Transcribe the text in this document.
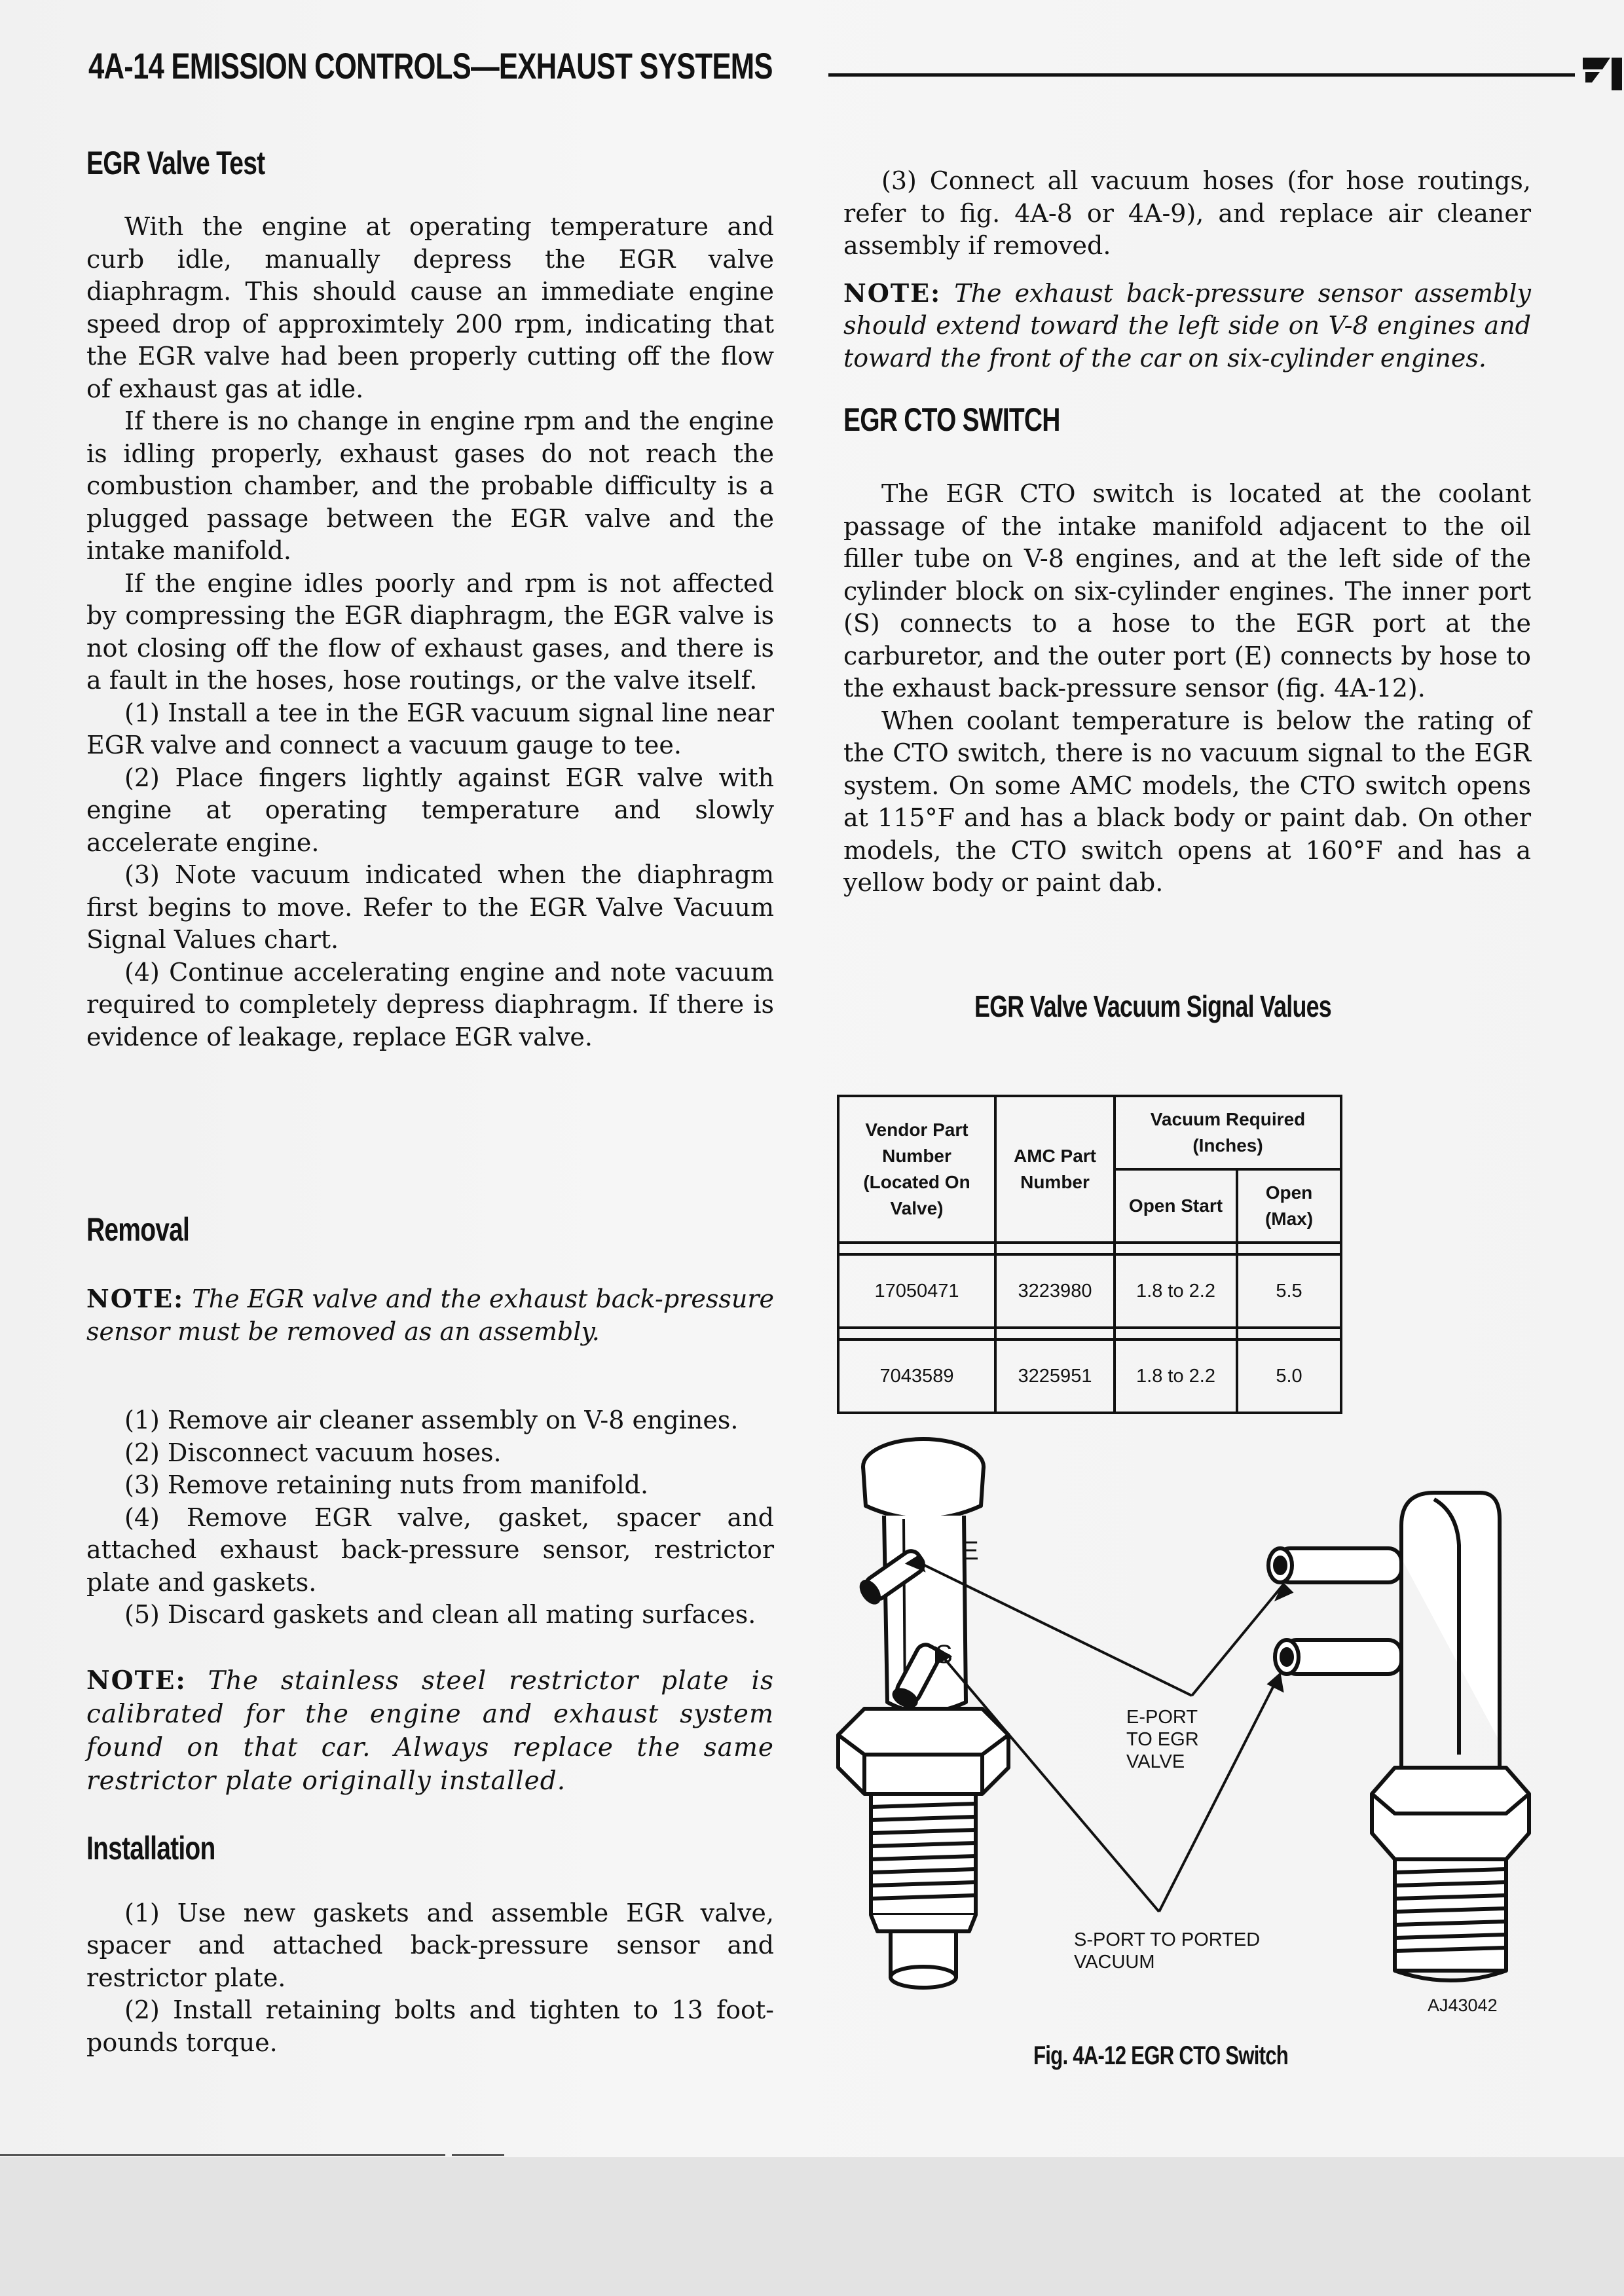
4A-14 EMISSION CONTROLS—EXHAUST SYSTEMS
EGR Valve Test

With the engine at operating temperature and curb idle, manually depress the EGR valve diaphragm. This should cause an immediate engine speed drop of approximtely 200 rpm, indicating that the EGR valve had been properly cutting off the flow of exhaust gas at idle.

If there is no change in engine rpm and the engine is idling properly, exhaust gases do not reach the combustion chamber, and the probable difficulty is a plugged passage between the EGR valve and the intake manifold.

If the engine idles poorly and rpm is not affected by compressing the EGR diaphragm, the EGR valve is not closing off the flow of exhaust gases, and there is a fault in the hoses, hose routings, or the valve itself.

(1) Install a tee in the EGR vacuum signal line near EGR valve and connect a vacuum gauge to tee.

(2) Place fingers lightly against EGR valve with engine at operating temperature and slowly accelerate engine.

(3) Note vacuum indicated when the diaphragm first begins to move. Refer to the EGR Valve Vacuum Signal Values chart.

(4) Continue accelerating engine and note vacuum required to completely depress diaphragm. If there is evidence of leakage, replace EGR valve.

Removal

NOTE: The EGR valve and the exhaust back-pressure sensor must be removed as an assembly.

(1) Remove air cleaner assembly on V-8 engines.

(2) Disconnect vacuum hoses.

(3) Remove retaining nuts from manifold.

(4) Remove EGR valve, gasket, spacer and attached exhaust back-pressure sensor, restrictor plate and gaskets.

(5) Discard gaskets and clean all mating surfaces.

NOTE: The stainless steel restrictor plate is calibrated for the engine and exhaust system found on that car. Always replace the same restrictor plate originally installed.

Installation

(1) Use new gaskets and assemble EGR valve, spacer and attached back-pressure sensor and restrictor plate.

(2) Install retaining bolts and tighten to 13 foot-pounds torque.

(3) Connect all vacuum hoses (for hose routings, refer to fig. 4A-8 or 4A-9), and replace air cleaner assembly if removed.

NOTE: The exhaust back-pressure sensor assembly should extend toward the left side on V-8 engines and toward the front of the car on six-cylinder engines.

EGR CTO SWITCH

The EGR CTO switch is located at the coolant passage of the intake manifold adjacent to the oil filler tube on V-8 engines, and at the left side of the cylinder block on six-cylinder engines. The inner port (S) connects to a hose to the EGR port at the carburetor, and the outer port (E) connects by hose to the exhaust back-pressure sensor (fig. 4A-12).

When coolant temperature is below the rating of the CTO switch, there is no vacuum signal to the EGR system. On some AMC models, the CTO switch opens at 115°F and has a black body or paint dab. On other models, the CTO switch opens at 160°F and has a yellow body or paint dab.

EGR Valve Vacuum Signal Values
Vendor Part Number (Located On Valve)	AMC Part Number	Vacuum Required (Inches)	
		Open Start	Open (Max)

17050471	3223980	1.8 to 2.2	5.5

7043589	3225951	1.8 to 2.2	5.0
E
S
E-PORT
TO EGR
VALVE
S-PORT TO PORTED
VACUUM
AJ43042
Fig. 4A-12 EGR CTO Switch
